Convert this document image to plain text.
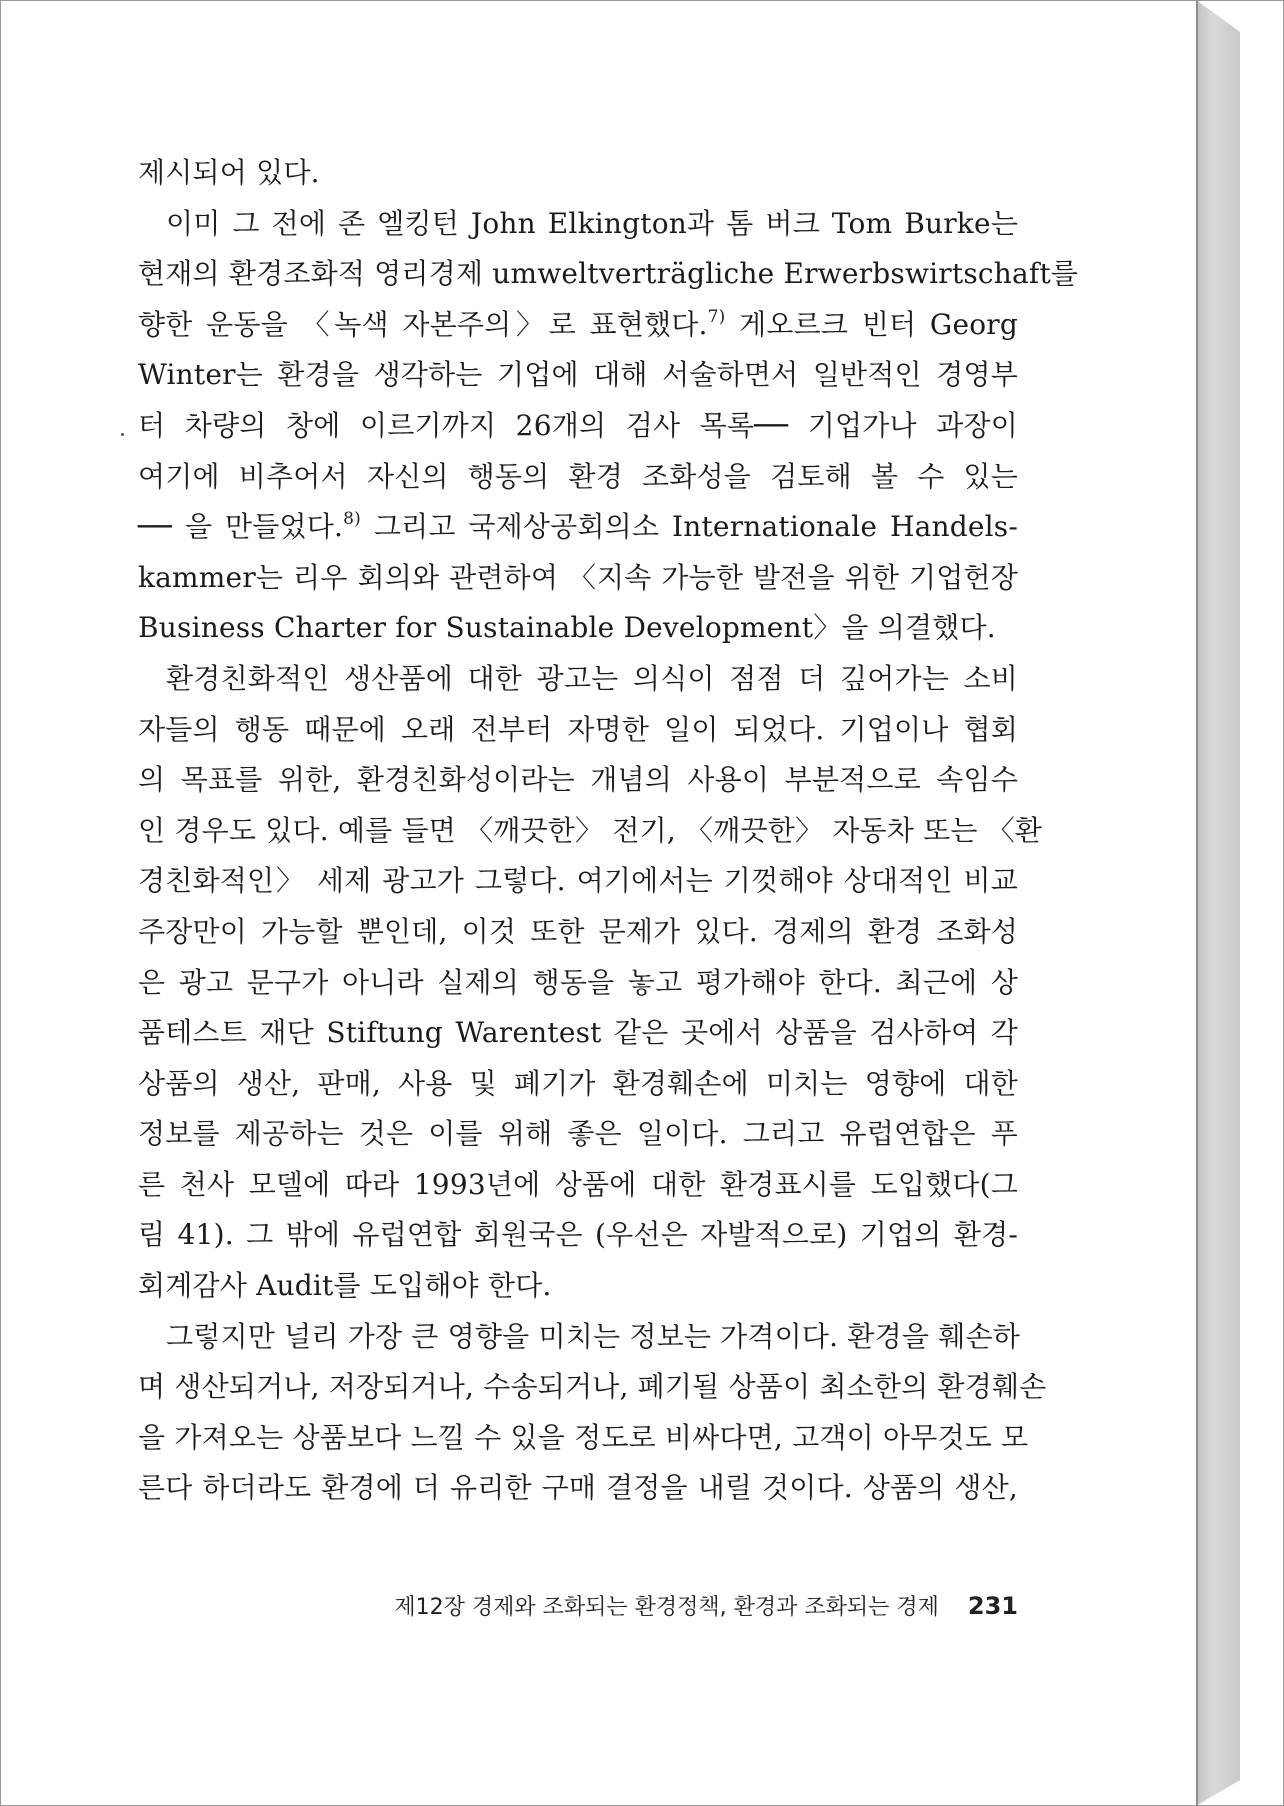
제시되어 있다.
이미 그 전에 존 엘킹턴 John Elkington과 톰 버크 Tom Burke는
현재의 환경조화적 영리경제 umweltverträgliche Erwerbswirtschaft를
향한 운동을 〈녹색 자본주의〉로 표현했다.$^{7)}$ 게오르크 빈터 Georg
Winter는 환경을 생각하는 기업에 대해 서술하면서 일반적인 경영부
터 차량의 창에 이르기까지 26개의 검사 목록── 기업가나 과장이
여기에 비추어서 자신의 행동의 환경 조화성을 검토해 볼 수 있는
── 을 만들었다.$^{8)}$ 그리고 국제상공회의소 Internationale Handels-
kammer는 리우 회의와 관련하여 〈지속 가능한 발전을 위한 기업헌장
Business Charter for Sustainable Development〉을 의결했다.
환경친화적인 생산품에 대한 광고는 의식이 점점 더 깊어가는 소비
자들의 행동 때문에 오래 전부터 자명한 일이 되었다. 기업이나 협회
의 목표를 위한, 환경친화성이라는 개념의 사용이 부분적으로 속임수
인 경우도 있다. 예를 들면 〈깨끗한〉 전기, 〈깨끗한〉 자동차 또는 〈환
경친화적인〉 세제 광고가 그렇다. 여기에서는 기껏해야 상대적인 비교
주장만이 가능할 뿐인데, 이것 또한 문제가 있다. 경제의 환경 조화성
은 광고 문구가 아니라 실제의 행동을 놓고 평가해야 한다. 최근에 상
품테스트 재단 Stiftung Warentest 같은 곳에서 상품을 검사하여 각
상품의 생산, 판매, 사용 및 폐기가 환경훼손에 미치는 영향에 대한
정보를 제공하는 것은 이를 위해 좋은 일이다. 그리고 유럽연합은 푸
른 천사 모델에 따라 1993년에 상품에 대한 환경표시를 도입했다(그
림 41). 그 밖에 유럽연합 회원국은 (우선은 자발적으로) 기업의 환경-
회계감사 Audit를 도입해야 한다.
그렇지만 널리 가장 큰 영향을 미치는 정보는 가격이다. 환경을 훼손하
며 생산되거나, 저장되거나, 수송되거나, 폐기될 상품이 최소한의 환경훼손
을 가져오는 상품보다 느낄 수 있을 정도로 비싸다면, 고객이 아무것도 모
른다 하더라도 환경에 더 유리한 구매 결정을 내릴 것이다. 상품의 생산,
제12장 경제와 조화되는 환경정책, 환경과 조화되는 경제 231
